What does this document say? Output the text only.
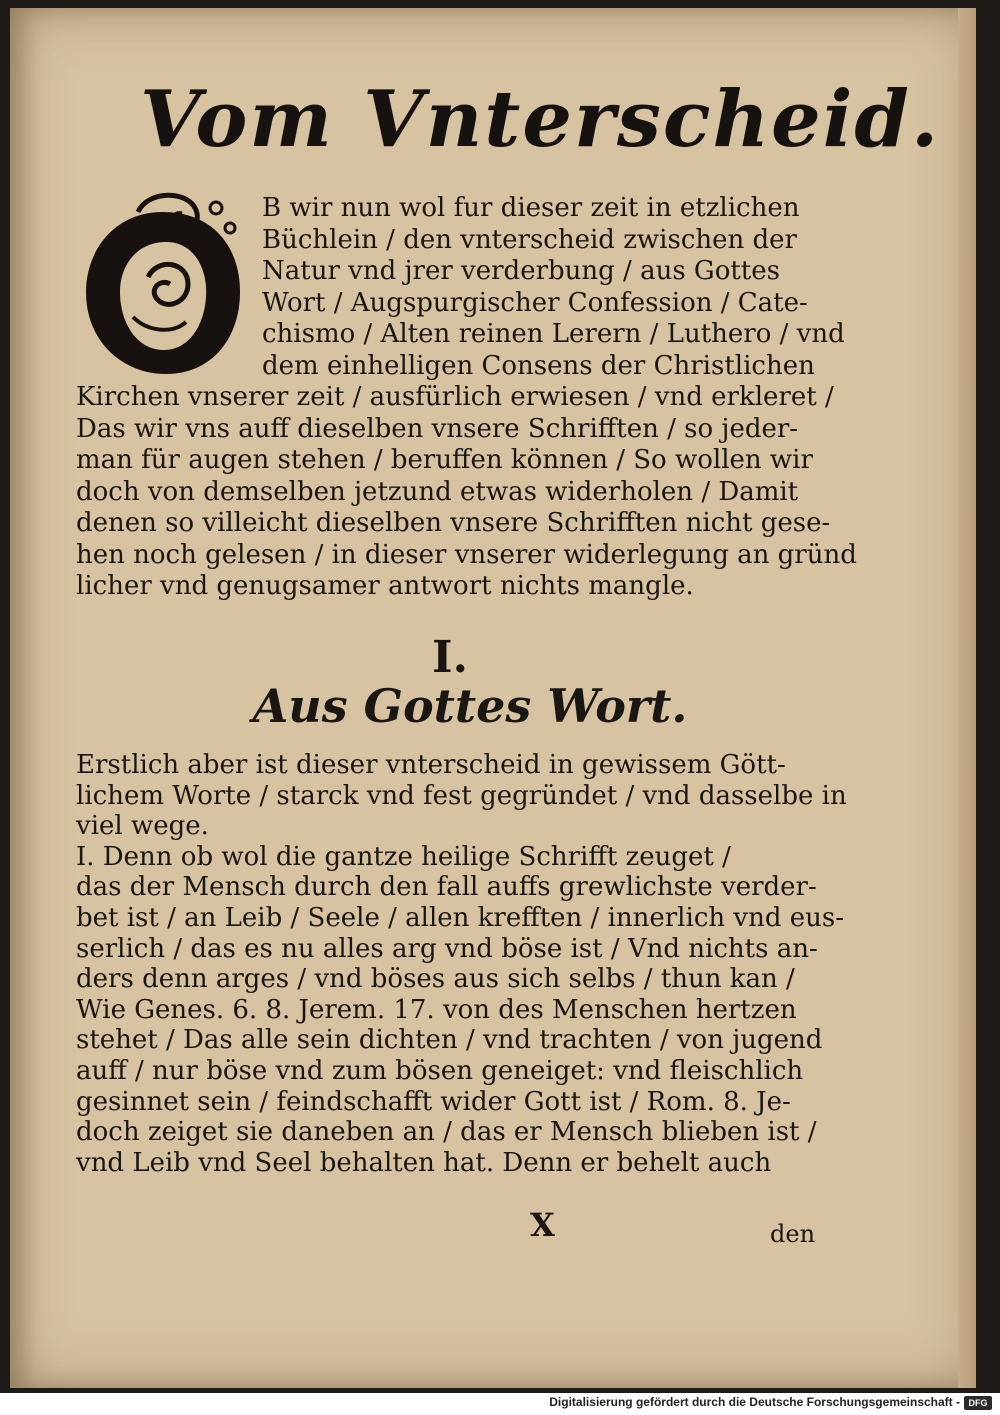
Vom Vnterscheid.
B wir nun wol fur dieser zeit in etzlichen
Büchlein / den vnterscheid zwischen der
Natur vnd jrer verderbung / aus Gottes
Wort / Augspurgischer Confession / Cate-
chismo / Alten reinen Lerern / Luthero / vnd
dem einhelligen Consens der Christlichen
Kirchen vnserer zeit / ausfürlich erwiesen / vnd erkleret /
Das wir vns auff dieselben vnsere Schrifften / so jeder-
man für augen stehen / beruffen können / So wollen wir
doch von demselben jetzund etwas widerholen / Damit
denen so villeicht dieselben vnsere Schrifften nicht gese-
hen noch gelesen / in dieser vnserer widerlegung an gründ
licher vnd genugsamer antwort nichts mangle.
I.
Aus Gottes Wort.
Erstlich aber ist dieser vnterscheid in gewissem Gött-
lichem Worte / starck vnd fest gegründet / vnd dasselbe in
viel wege.
I. Denn ob wol die gantze heilige Schrifft zeuget /
das der Mensch durch den fall auffs grewlichste verder-
bet ist / an Leib / Seele / allen krefften / innerlich vnd eus-
serlich / das es nu alles arg vnd böse ist / Vnd nichts an-
ders denn arges / vnd böses aus sich selbs / thun kan /
Wie Genes. 6. 8. Jerem. 17. von des Menschen hertzen
stehet / Das alle sein dichten / vnd trachten / von jugend
auff / nur böse vnd zum bösen geneiget: vnd fleischlich
gesinnet sein / feindschafft wider Gott ist / Rom. 8. Je-
doch zeiget sie daneben an / das er Mensch blieben ist /
vnd Leib vnd Seel behalten hat. Denn er behelt auch
X	den
Digitalisierung gefördert durch die Deutsche Forschungsgemeinschaft - DFG
